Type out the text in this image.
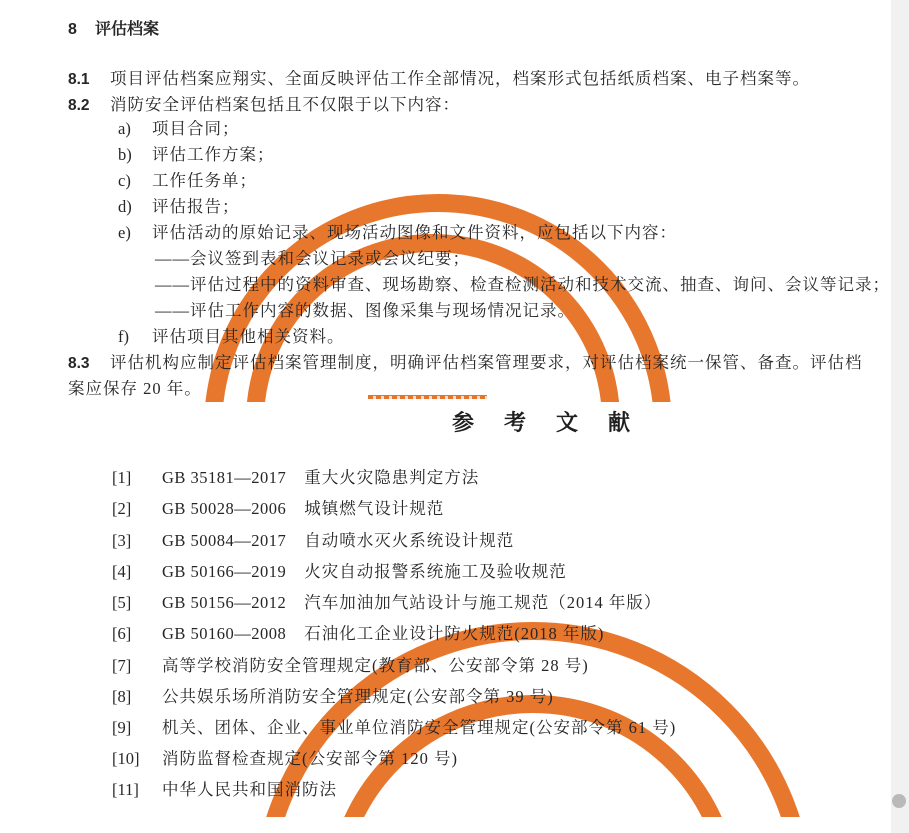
8 评估档案
8.1 项目评估档案应翔实、全面反映评估工作全部情况，档案形式包括纸质档案、电子档案等。
8.2 消防安全评估档案包括且不仅限于以下内容：
a) 项目合同；
b) 评估工作方案；
c) 工作任务单；
d) 评估报告；
e) 评估活动的原始记录、现场活动图像和文件资料，应包括以下内容：
——会议签到表和会议记录或会议纪要；
——评估过程中的资料审查、现场勘察、检查检测活动和技术交流、抽查、询问、会议等记录；
——评估工作内容的数据、图像采集与现场情况记录。
f) 评估项目其他相关资料。
8.3 评估机构应制定评估档案管理制度，明确评估档案管理要求，对评估档案统一保管、备查。评估档
案应保存 20 年。
参考文献
[1] GB 35181—2017 重大火灾隐患判定方法
[2] GB 50028—2006 城镇燃气设计规范
[3] GB 50084—2017 自动喷水灭火系统设计规范
[4] GB 50166—2019 火灾自动报警系统施工及验收规范
[5] GB 50156—2012 汽车加油加气站设计与施工规范（2014 年版）
[6] GB 50160—2008 石油化工企业设计防火规范(2018 年版)
[7] 高等学校消防安全管理规定(教育部、公安部令第 28 号)
[8] 公共娱乐场所消防安全管理规定(公安部令第 39 号)
[9] 机关、团体、企业、事业单位消防安全管理规定(公安部令第 61 号)
[10] 消防监督检查规定(公安部令第 120 号)
[11] 中华人民共和国消防法
